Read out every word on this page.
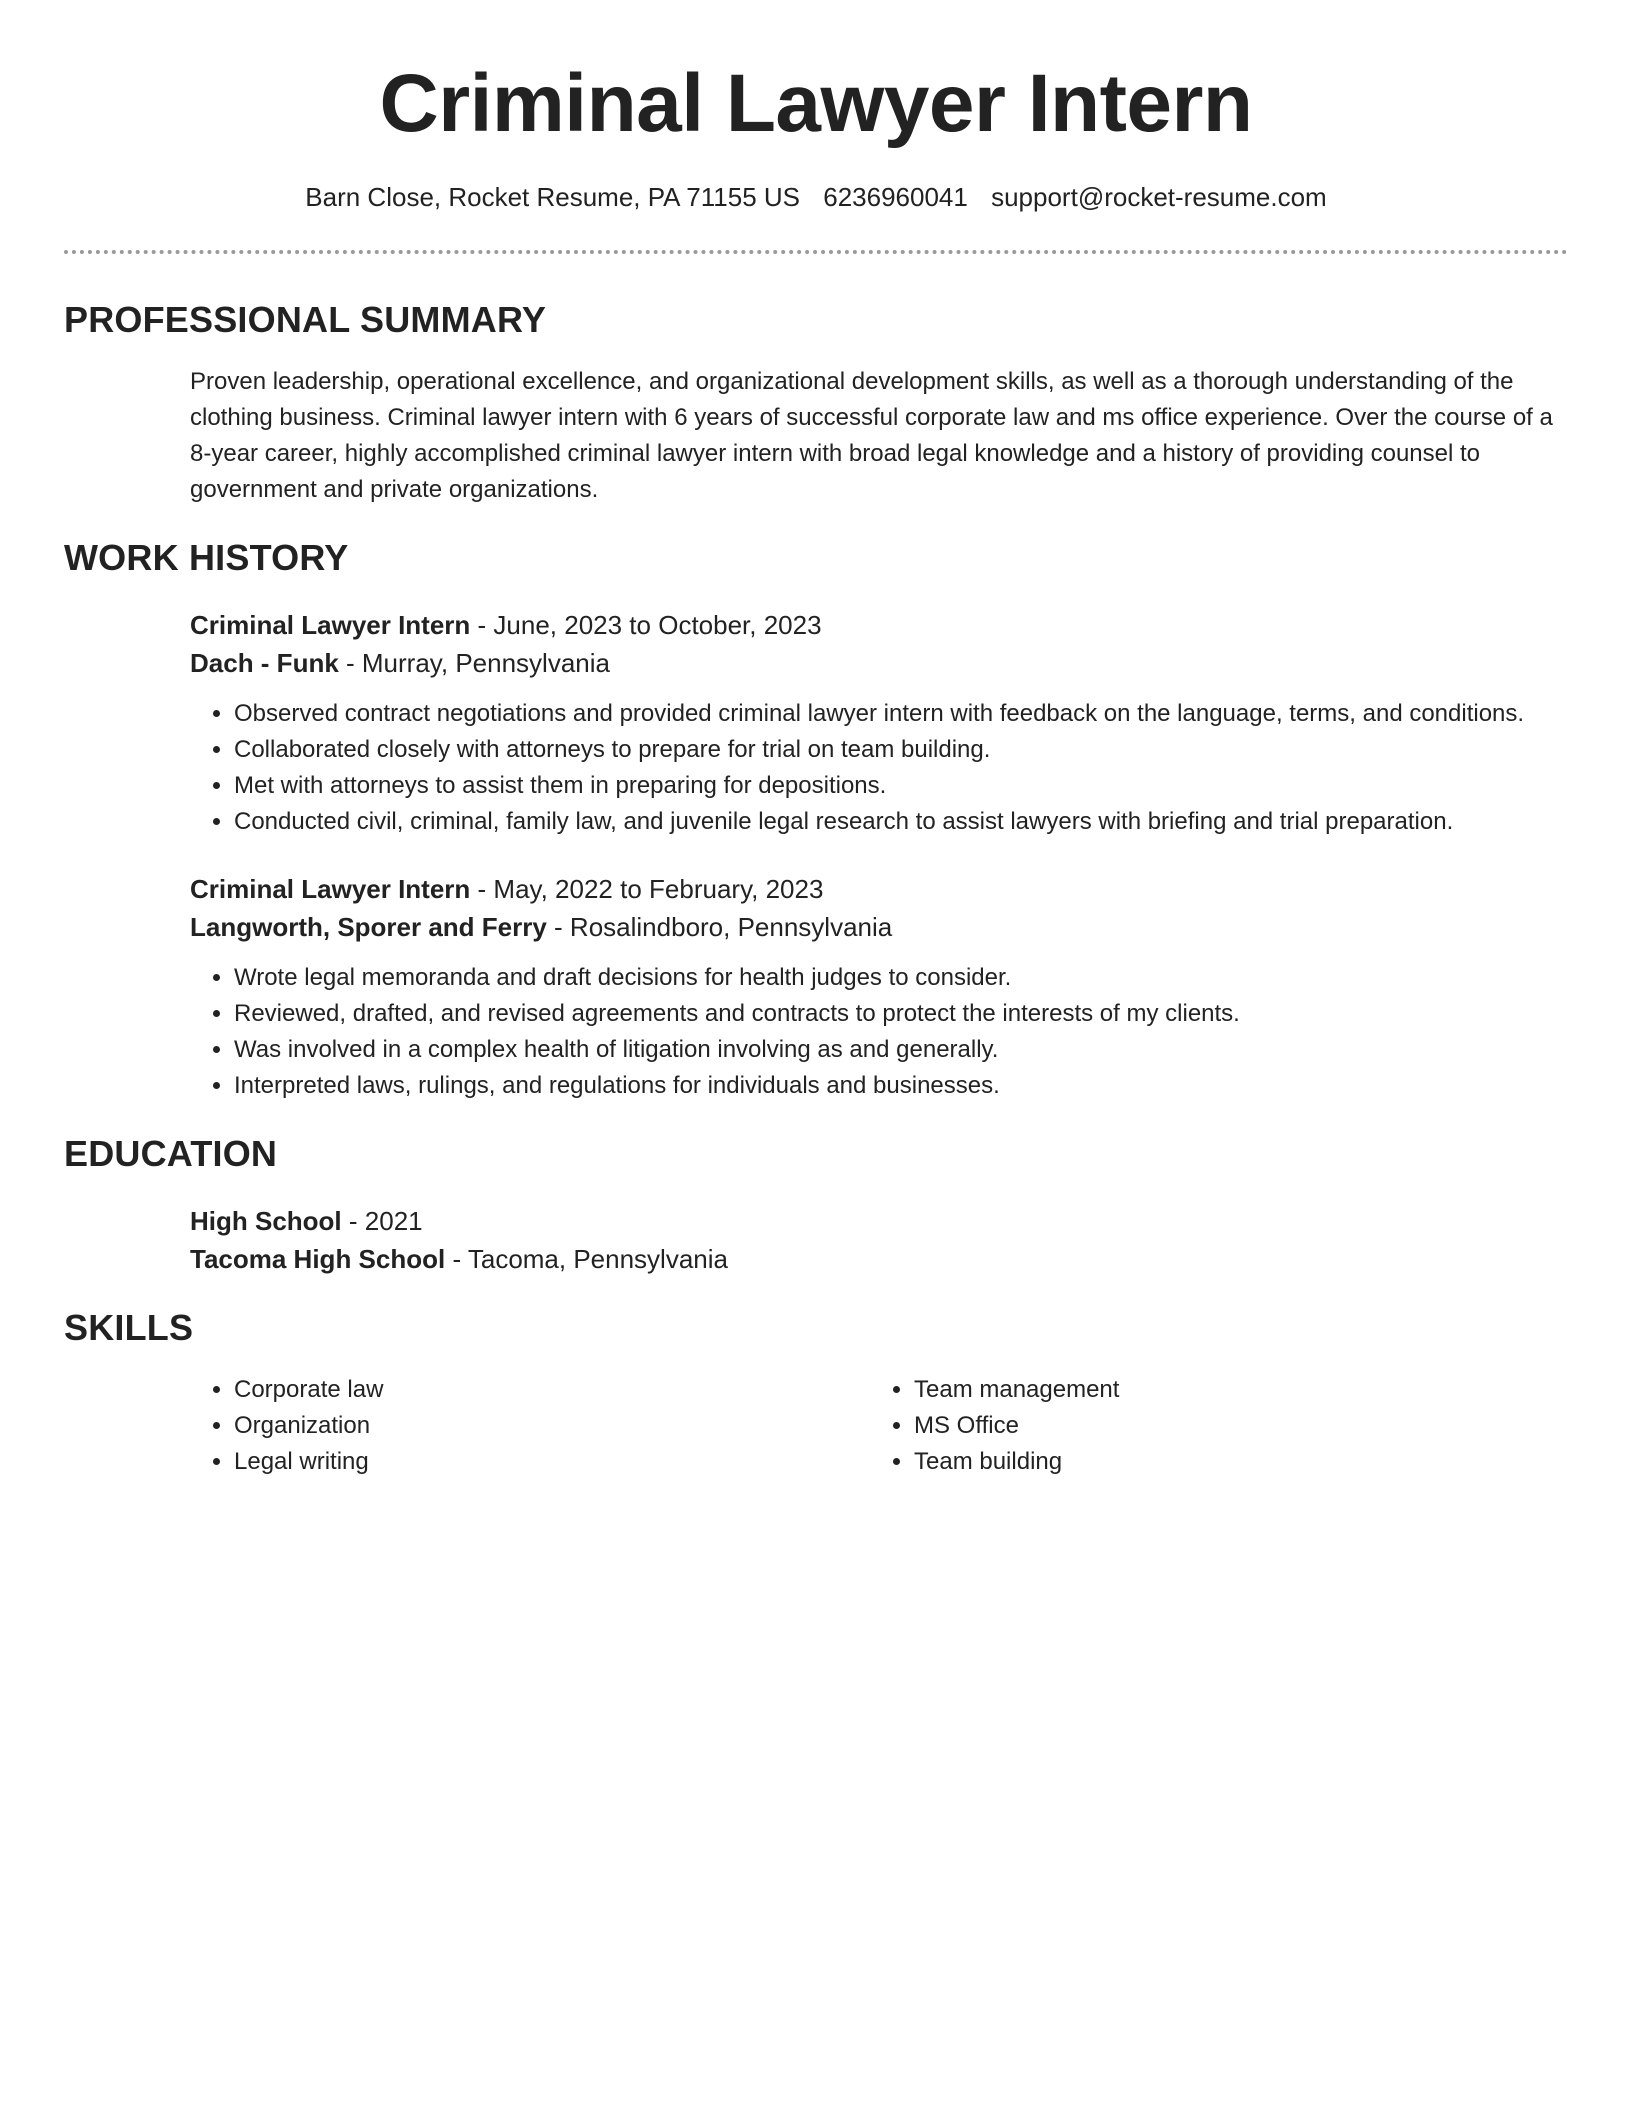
Criminal Lawyer Intern
Barn Close, Rocket Resume, PA 71155 US 6236960041 support@rocket-resume.com
PROFESSIONAL SUMMARY

Proven leadership, operational excellence, and organizational development skills, as well as a thorough understanding of the clothing business. Criminal lawyer intern with 6 years of successful corporate law and ms office experience. Over the course of a 8-year career, highly accomplished criminal lawyer intern with broad legal knowledge and a history of providing counsel to government and private organizations.

WORK HISTORY
Criminal Lawyer Intern - June, 2023 to October, 2023
Dach - Funk - Murray, Pennsylvania
• Observed contract negotiations and provided criminal lawyer intern with feedback on the language, terms, and conditions.
• Collaborated closely with attorneys to prepare for trial on team building.
• Met with attorneys to assist them in preparing for depositions.
• Conducted civil, criminal, family law, and juvenile legal research to assist lawyers with briefing and trial preparation.
Criminal Lawyer Intern - May, 2022 to February, 2023
Langworth, Sporer and Ferry - Rosalindboro, Pennsylvania
• Wrote legal memoranda and draft decisions for health judges to consider.
• Reviewed, drafted, and revised agreements and contracts to protect the interests of my clients.
• Was involved in a complex health of litigation involving as and generally.
• Interpreted laws, rulings, and regulations for individuals and businesses.
EDUCATION
High School - 2021
Tacoma High School - Tacoma, Pennsylvania
SKILLS
• Corporate law
• Organization
• Legal writing
• Team management
• MS Office
• Team building
